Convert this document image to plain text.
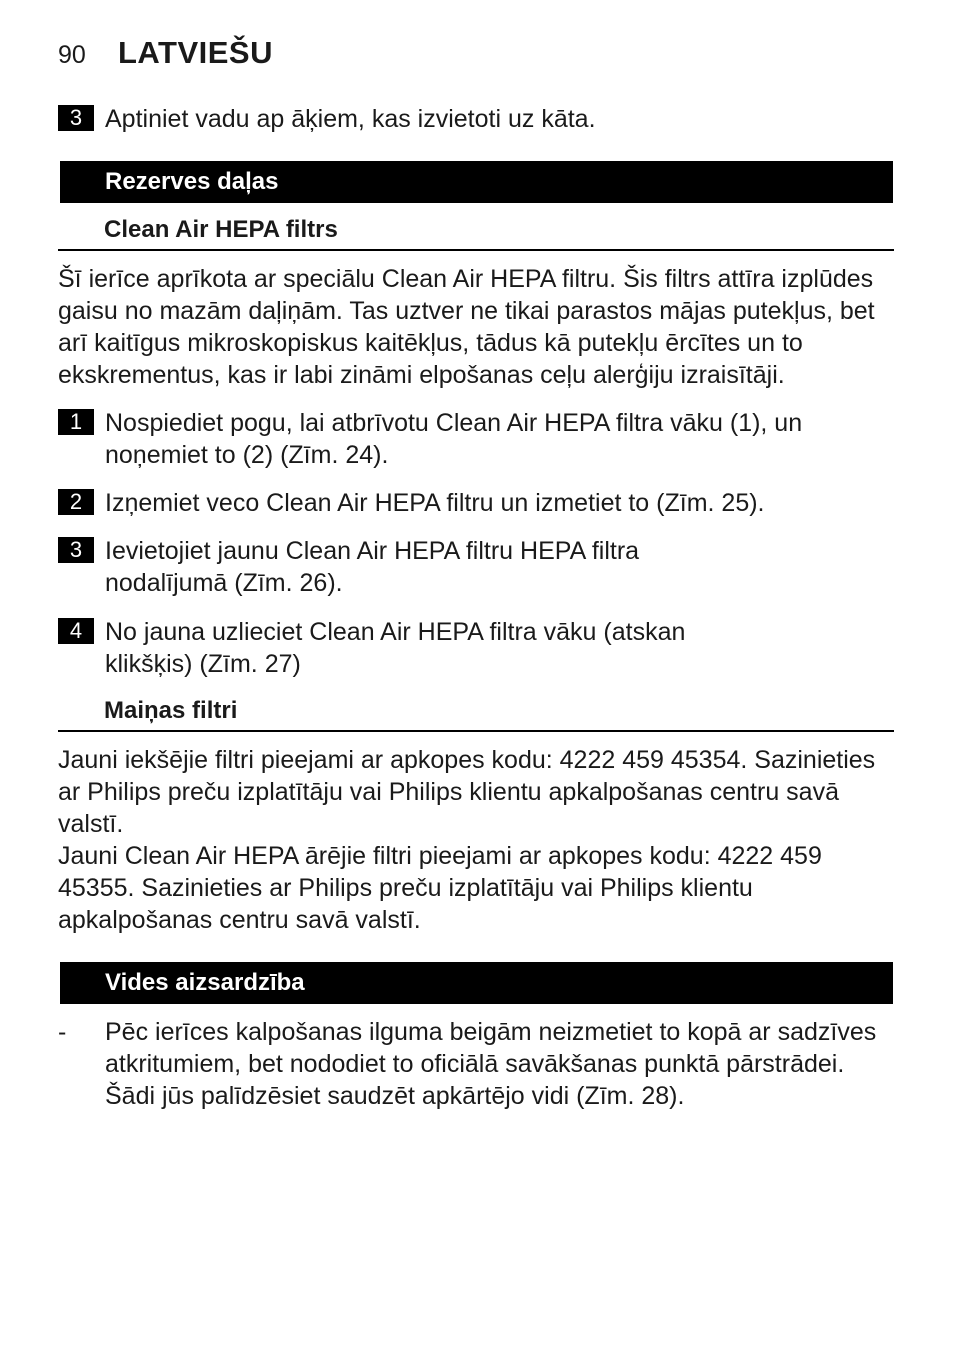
90 LATVIEŠU
3 Aptiniet vadu ap āķiem, kas izvietoti uz kāta.
Rezerves daļas
Clean Air HEPA filtrs
Šī ierīce aprīkota ar speciālu Clean Air HEPA filtru. Šis filtrs attīra izplūdes gaisu no mazām daļiņām. Tas uztver ne tikai parastos mājas putekļus, bet arī kaitīgus mikroskopiskus kaitēkļus, tādus kā putekļu ērcītes un to ekskrementus, kas ir labi zināmi elpošanas ceļu alerģiju izraisītāji.
1 Nospiediet pogu, lai atbrīvotu Clean Air HEPA filtra vāku (1), un noņemiet to (2) (Zīm. 24).
2 Izņemiet veco Clean Air HEPA filtru un izmetiet to (Zīm. 25).
3 Ievietojiet jaunu Clean Air HEPA filtru HEPA filtra nodalījumā (Zīm. 26).
4 No jauna uzlieciet Clean Air HEPA filtra vāku (atskan klikšķis) (Zīm. 27)
Maiņas filtri
Jauni iekšējie filtri pieejami ar apkopes kodu: 4222 459 45354. Sazinieties ar Philips preču izplatītāju vai Philips klientu apkalpošanas centru savā valstī.
Jauni Clean Air HEPA ārējie filtri pieejami ar apkopes kodu: 4222 459 45355. Sazinieties ar Philips preču izplatītāju vai Philips klientu apkalpošanas centru savā valstī.
Vides aizsardzība
- Pēc ierīces kalpošanas ilguma beigām neizmetiet to kopā ar sadzīves atkritumiem, bet nododiet to oficiālā savākšanas punktā pārstrādei. Šādi jūs palīdzēsiet saudzēt apkārtējo vidi (Zīm. 28).
